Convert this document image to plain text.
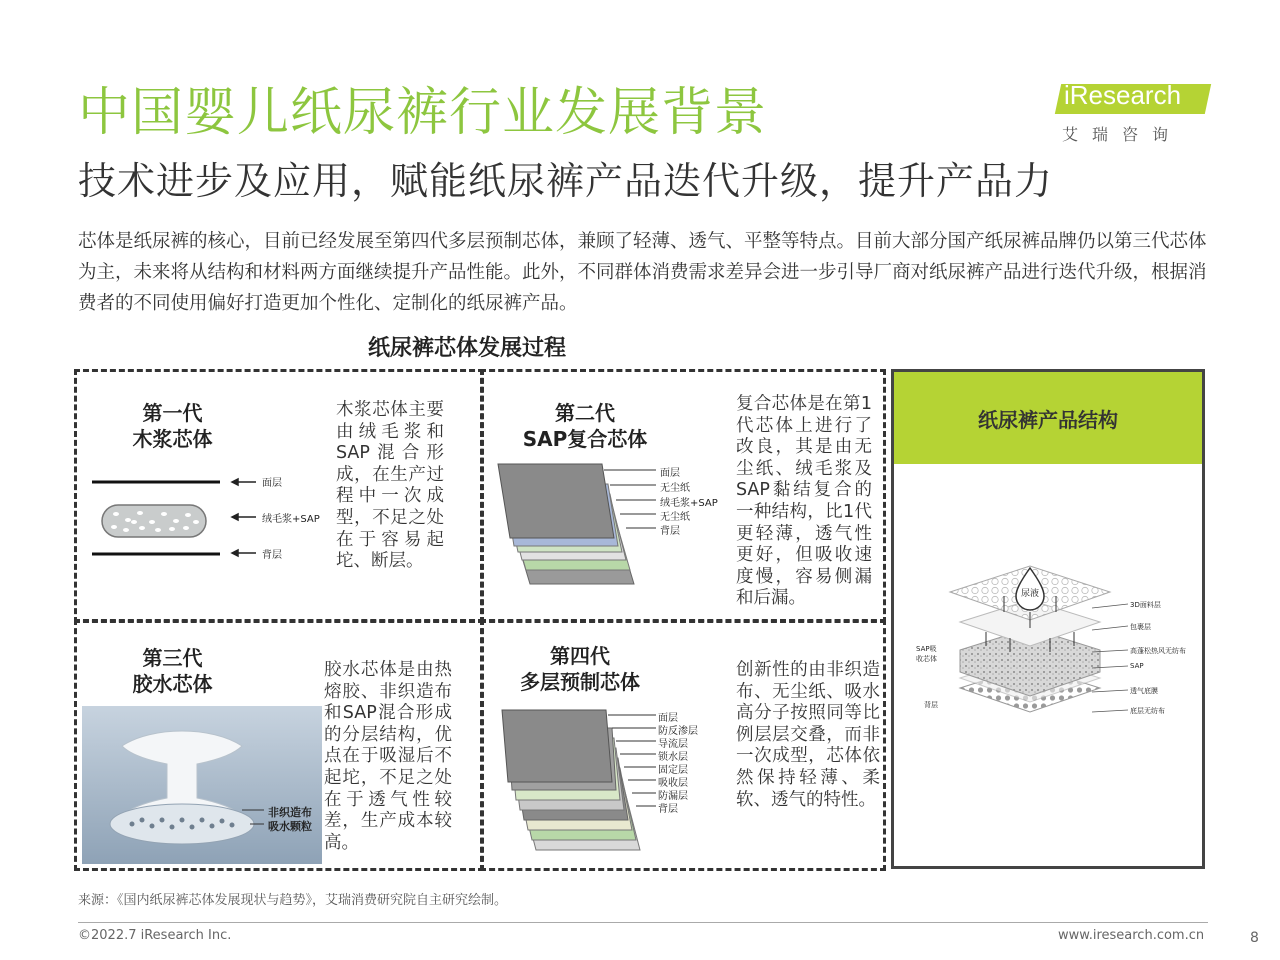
中国婴儿纸尿裤行业发展背景
技术进步及应用，赋能纸尿裤产品迭代升级，提升产品力
iResearch
艾瑞咨询
芯体是纸尿裤的核心，目前已经发展至第四代多层预制芯体，兼顾了轻薄、透气、平整等特点。目前大部分国产纸尿裤品牌仍以第三代芯体为主，未来将从结构和材料两方面继续提升产品性能。此外，不同群体消费需求差异会进一步引导厂商对纸尿裤产品进行迭代升级，根据消费者的不同使用偏好打造更加个性化、定制化的纸尿裤产品。
纸尿裤芯体发展过程
第一代
木浆芯体
面层
绒毛浆+SAP
背层
木浆芯体主要由绒毛浆和SAP混合形成，在生产过程中一次成型，不足之处在于容易起坨、断层。
第二代
SAP复合芯体
面层
无尘纸
绒毛浆+SAP
无尘纸
背层
复合芯体是在第1代芯体上进行了改良，其是由无尘纸、绒毛浆及SAP黏结复合的一种结构，比1代更轻薄，透气性更好，但吸收速度慢，容易侧漏和后漏。
第三代
胶水芯体
非织造布
吸水颗粒
胶水芯体是由热熔胶、非织造布和SAP混合形成的分层结构，优点在于吸湿后不起坨，不足之处在于透气性较差，生产成本较高。
第四代
多层预制芯体
面层
防反渗层
导流层
锁水层
固定层
吸收层
防漏层
背层
创新性的由非织造布、无尘纸、吸水高分子按照同等比例层层交叠，而非一次成型，芯体依然保持轻薄、柔软、透气的特性。
纸尿裤产品结构
尿液
SAP吸收芯体
背层
3D面料层
包裹层
高蓬松热风无纺布
SAP
透气底膜
底层无纺布
来源：《国内纸尿裤芯体发展现状与趋势》，艾瑞消费研究院自主研究绘制。
©2022.7 iResearch Inc.	www.iresearch.com.cn	8
